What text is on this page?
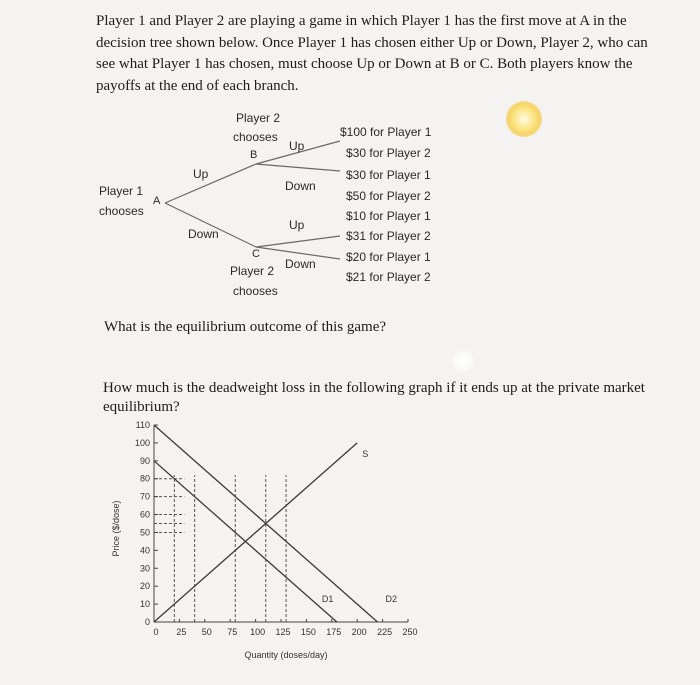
Player 1 and Player 2 are playing a game in which Player 1 has the first move at A in the decision tree shown below. Once Player 1 has chosen either Up or Down, Player 2, who can see what Player 1 has chosen, must choose Up or Down at B or C. Both players know the payoffs at the end of each branch.
Player 1
chooses
A
Up
Down
Player 2
chooses
B
Up
Down
C
Player 2
chooses
Up
Down
$100 for Player 1
$30 for Player 2
$30 for Player 1
$50 for Player 2
$10 for Player 1
$31 for Player 2
$20 for Player 1
$21 for Player 2
What is the equilibrium outcome of this game?
How much is the deadweight loss in the following graph if it ends up at the private market equilibrium?
0
10
20
30
40
50
60
70
80
90
100
110
0 25 50 75 100 125 150 175 200 225 250
Quantity (doses/day)
Price ($/dose)
S
D1	D2
